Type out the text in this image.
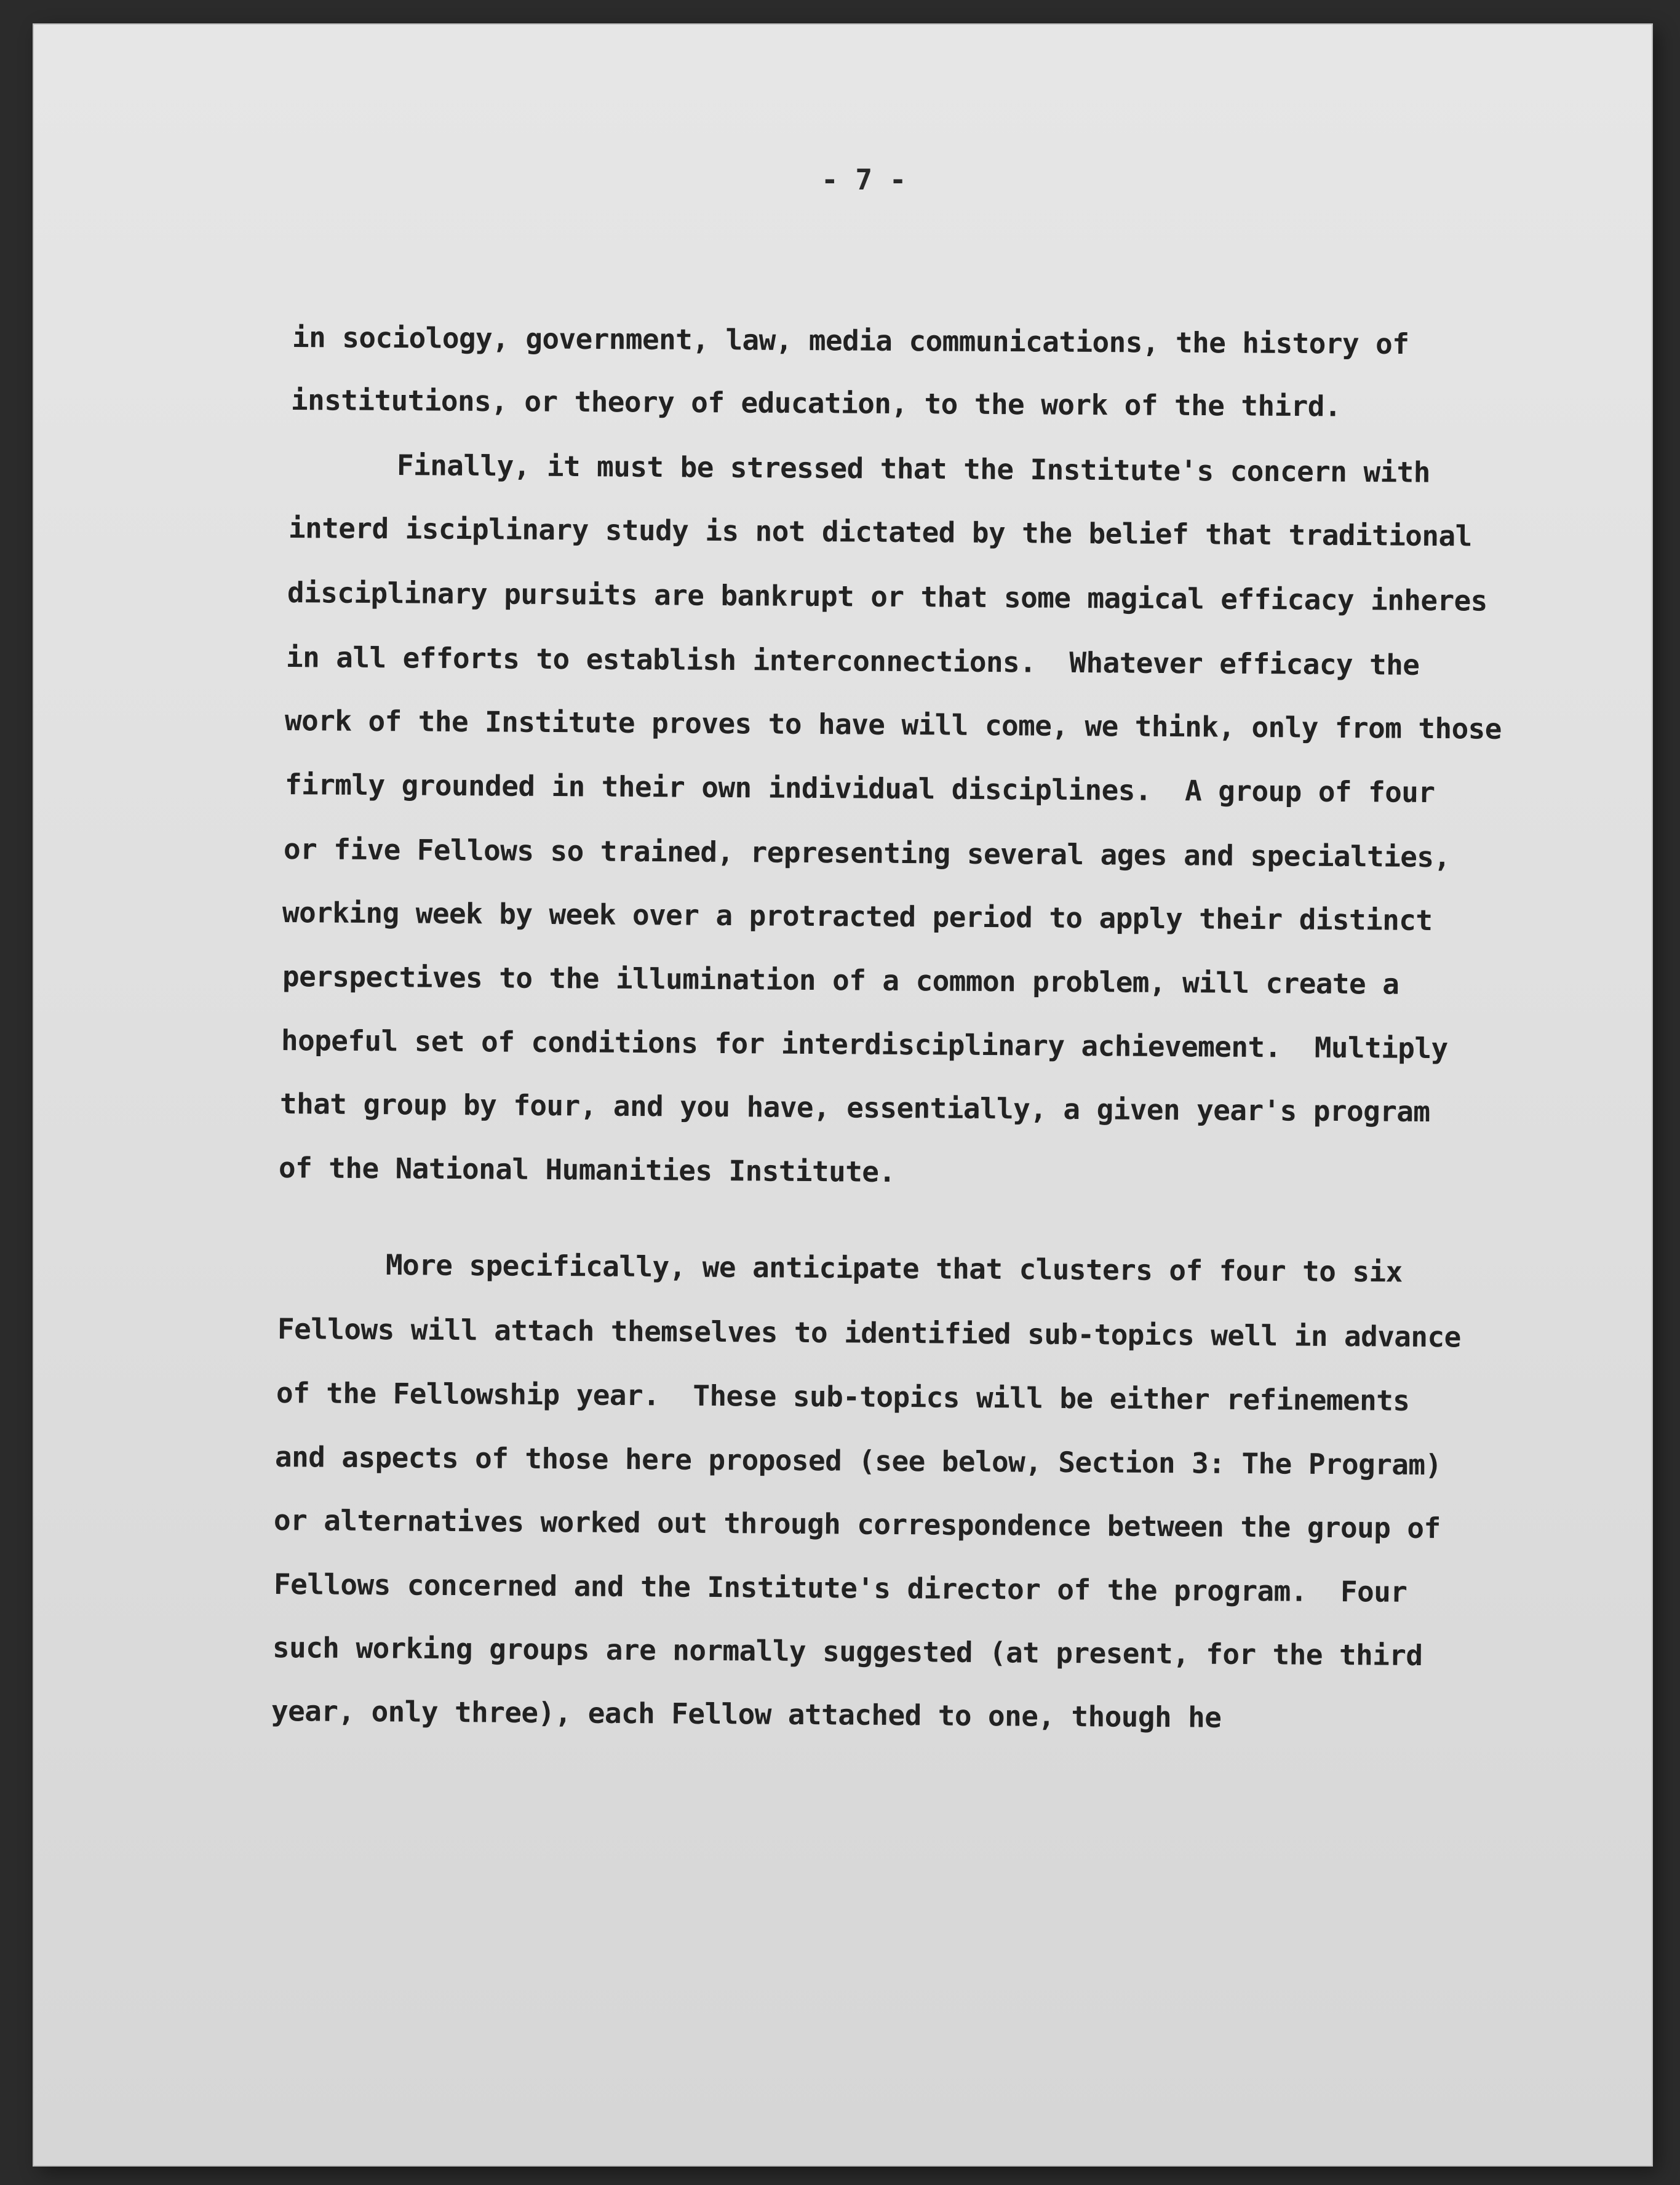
- 7 -
in sociology, government, law, media communications, the history of
institutions, or theory of education, to the work of the third.
Finally, it must be stressed that the Institute's concern with
interd isciplinary study is not dictated by the belief that traditional
disciplinary pursuits are bankrupt or that some magical efficacy inheres
in all efforts to establish interconnections.  Whatever efficacy the
work of the Institute proves to have will come, we think, only from those
firmly grounded in their own individual disciplines.  A group of four
or five Fellows so trained, representing several ages and specialties,
working week by week over a protracted period to apply their distinct
perspectives to the illumination of a common problem, will create a
hopeful set of conditions for interdisciplinary achievement.  Multiply
that group by four, and you have, essentially, a given year's program
of the National Humanities Institute.
More specifically, we anticipate that clusters of four to six
Fellows will attach themselves to identified sub-topics well in advance
of the Fellowship year.  These sub-topics will be either refinements
and aspects of those here proposed (see below, Section 3: The Program)
or alternatives worked out through correspondence between the group of
Fellows concerned and the Institute's director of the program.  Four
such working groups are normally suggested (at present, for the third
year, only three), each Fellow attached to one, though he
